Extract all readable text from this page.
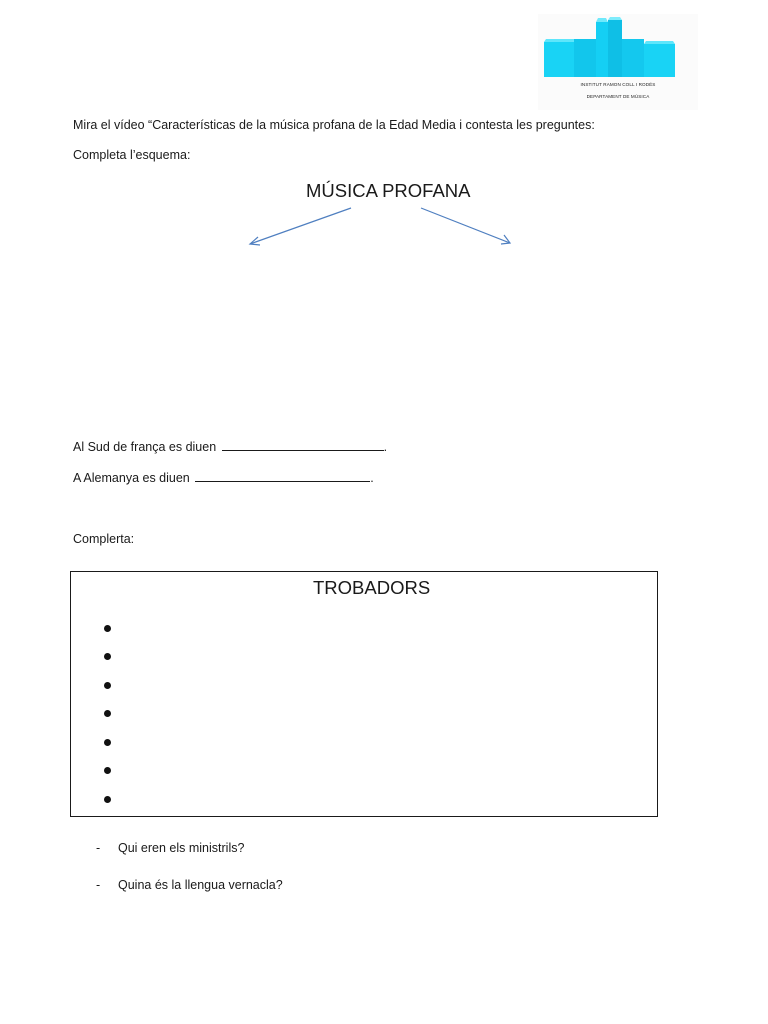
INSTITUT RAMON COLL I RODÉS
DEPARTAMENT DE MÚSICA
Mira el vídeo “Características de la música profana de la Edad Media i contesta les preguntes:
Completa l’esquema:
MÚSICA PROFANA
Al Sud de frança es diuen	.
A Alemanya es diuen	.
Complerta:
TROBADORS
- Qui eren els ministrils?
- Quina és la llengua vernacla?
